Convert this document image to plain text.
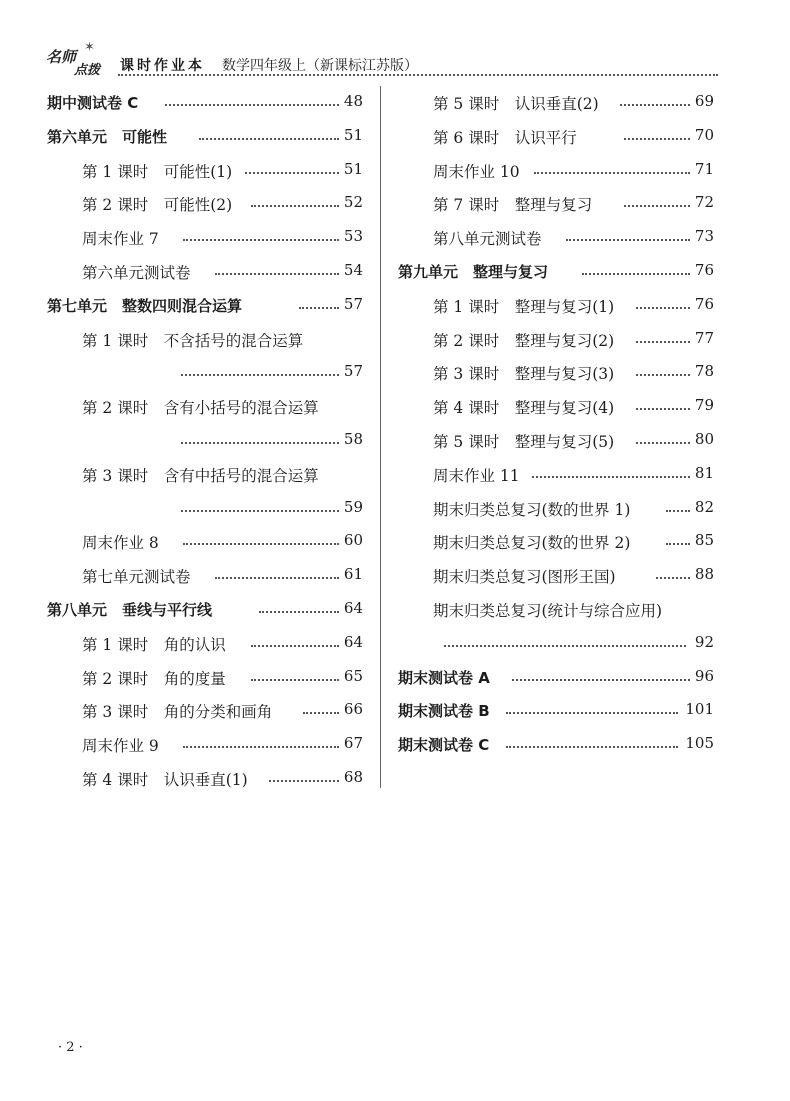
名师
✶
点拨 课时作业本 数学四年级上（新课标江苏版）
期中测试卷 C	48
第六单元　可能性	51
第 1 课时　可能性(1)	51
第 2 课时　可能性(2)	52
周末作业 7	53
第六单元测试卷	54
第七单元　整数四则混合运算	57
第 1 课时　不含括号的混合运算
57
第 2 课时　含有小括号的混合运算
58
第 3 课时　含有中括号的混合运算
59
周末作业 8	60
第七单元测试卷	61
第八单元　垂线与平行线	64
第 1 课时　角的认识	64
第 2 课时　角的度量	65
第 3 课时　角的分类和画角	66
周末作业 9	67
第 4 课时　认识垂直(1)	68
第 5 课时　认识垂直(2)	69
第 6 课时　认识平行	70
周末作业 10	71
第 7 课时　整理与复习	72
第八单元测试卷	73
第九单元　整理与复习	76
第 1 课时　整理与复习(1)	76
第 2 课时　整理与复习(2)	77
第 3 课时　整理与复习(3)	78
第 4 课时　整理与复习(4)	79
第 5 课时　整理与复习(5)	80
周末作业 11	81
期末归类总复习(数的世界 1)	82
期末归类总复习(数的世界 2)	85
期末归类总复习(图形王国)	88
期末归类总复习(统计与综合应用)
92
期末测试卷 A	96
期末测试卷 B	101
期末测试卷 C	105
· 2 ·
